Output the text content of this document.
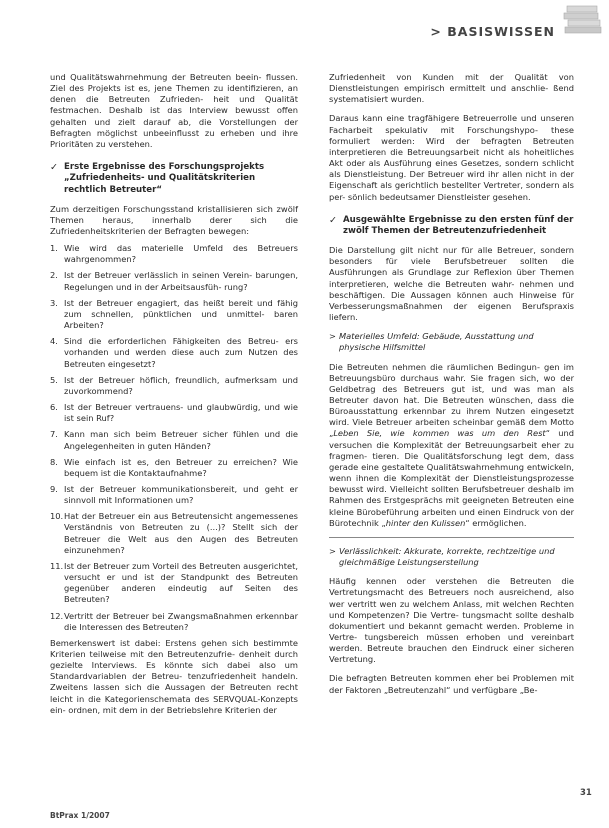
> BASISWISSEN

und Qualitätswahrnehmung der Betreuten beein- flussen. Ziel des Projekts ist es, jene Themen zu identifizieren, an denen die Betreuten Zufrieden- heit und Qualität festmachen. Deshalb ist das Interview bewusst offen gehalten und zielt darauf ab, die Vorstellungen der Befragten möglichst unbeeinflusst zu erheben und ihre Prioritäten zu verstehen.

✓ Erste Ergebnisse des Forschungsprojekts „Zufriedenheits- und Qualitätskriterien rechtlich Betreuter“

Zum derzeitigen Forschungsstand kristallisieren sich zwölf Themen heraus, innerhalb derer sich die Zufriedenheitskriterien der Befragten bewegen:

1. Wie wird das materielle Umfeld des Betreuers wahrgenommen?
2. Ist der Betreuer verlässlich in seinen Verein- barungen, Regelungen und in der Arbeitsausfüh- rung?
3. Ist der Betreuer engagiert, das heißt bereit und fähig zum schnellen, pünktlichen und unmittel- baren Arbeiten?
4. Sind die erforderlichen Fähigkeiten des Betreu- ers vorhanden und werden diese auch zum Nutzen des Betreuten eingesetzt?
5. Ist der Betreuer höflich, freundlich, aufmerksam und zuvorkommend?
6. Ist der Betreuer vertrauens- und glaubwürdig, und wie ist sein Ruf?
7. Kann man sich beim Betreuer sicher fühlen und die Angelegenheiten in guten Händen?
8. Wie einfach ist es, den Betreuer zu erreichen? Wie bequem ist die Kontaktaufnahme?
9. Ist der Betreuer kommunikationsbereit, und geht er sinnvoll mit Informationen um?
10. Hat der Betreuer ein aus Betreutensicht angemessenes Verständnis von Betreuten zu (...)? Stellt sich der Betreuer die Welt aus den Augen des Betreuten einzunehmen?
11. Ist der Betreuer zum Vorteil des Betreuten ausgerichtet, versucht er und ist der Standpunkt des Betreuten gegenüber anderen eindeutig auf Seiten des Betreuten?
12. Vertritt der Betreuer bei Zwangsmaßnahmen erkennbar die Interessen des Betreuten?

Bemerkenswert ist dabei: Erstens gehen sich bestimmte Kriterien teilweise mit den Betreutenzufrie- denheit durch gezielte Interviews. Es könnte sich dabei also um Standardvariablen der Betreu- tenzufriedenheit handeln. Zweitens lassen sich die Aussagen der Betreuten recht leicht in die Kategorienschemata des SERVQUAL-Konzepts ein- ordnen, mit dem in der Betriebslehre Kriterien der

Zufriedenheit von Kunden mit der Qualität von Dienstleistungen empirisch ermittelt und anschlie- ßend systematisiert wurden.

Daraus kann eine tragfähigere Betreuerrolle und unseren Facharbeit spekulativ mit Forschungshypo- these formuliert werden: Wird der befragten Betreuten interpretieren die Betreuungsarbeit nicht als hoheitliches Akt oder als Ausführung eines Gesetzes, sondern schlicht als Dienstleistung. Der Betreuer wird ihr allen nicht in der Eigenschaft als gerichtlich bestellter Vertreter, sondern als per- sönlich bedeutsamer Dienstleister gesehen.

✓ Ausgewählte Ergebnisse zu den ersten fünf der zwölf Themen der Betreutenzufriedenheit

Die Darstellung gilt nicht nur für alle Betreuer, sondern besonders für viele Berufsbetreuer sollten die Ausführungen als Grundlage zur Reflexion über Themen interpretieren, welche die Betreuten wahr- nehmen und beschäftigen. Die Aussagen können auch Hinweise für Verbesserungsmaßnahmen der eigenen Berufspraxis liefern.

> Materielles Umfeld: Gebäude, Ausstattung und physische Hilfsmittel

Die Betreuten nehmen die räumlichen Bedingun- gen im Betreuungsbüro durchaus wahr. Sie fragen sich, wo der Geldbetrag des Betreuers gut ist, und was man als Betreuter davon hat. Die Betreuten wünschen, dass die Büroausstattung erkennbar zu ihrem Nutzen eingesetzt wird. Viele Betreuer arbeiten scheinbar gemäß dem Motto „Leben Sie, wie kommen was um den Rest“ und versuchen die Komplexität der Betreuungsarbeit eher zu fragmen- tieren. Die Qualitätsforschung legt dem, dass gerade eine gestaltete Qualitätswahrnehmung entwickeln, wenn ihnen die Komplexität der Dienstleistungsprozesse bewusst wird. Vielleicht sollten Berufsbetreuer deshalb im Rahmen des Erstgesprächs mit geeigneten Betreuten eine kleine Bürobeführung arbeiten und einen Eindruck von der Bürotechnik „hinter den Kulissen“ ermöglichen.

> Verlässlichkeit: Akkurate, korrekte, rechtzeitige und gleichmäßige Leistungserstellung

Häufig kennen oder verstehen die Betreuten die Vertretungsmacht des Betreuers noch ausreichend, also wer vertritt wen zu welchem Anlass, mit welchen Rechten und Kompetenzen? Die Vertre- tungsmacht sollte deshalb dokumentiert und bekannt gemacht werden. Probleme in Vertre- tungsbereich müssen erhoben und vereinbart werden. Betreute brauchen den Eindruck einer sicheren Vertretung.

Die befragten Betreuten kommen eher bei Problemen mit der Faktoren „Betreutenzahl“ und verfügbare „Be-

31
BtPrax 1/2007
